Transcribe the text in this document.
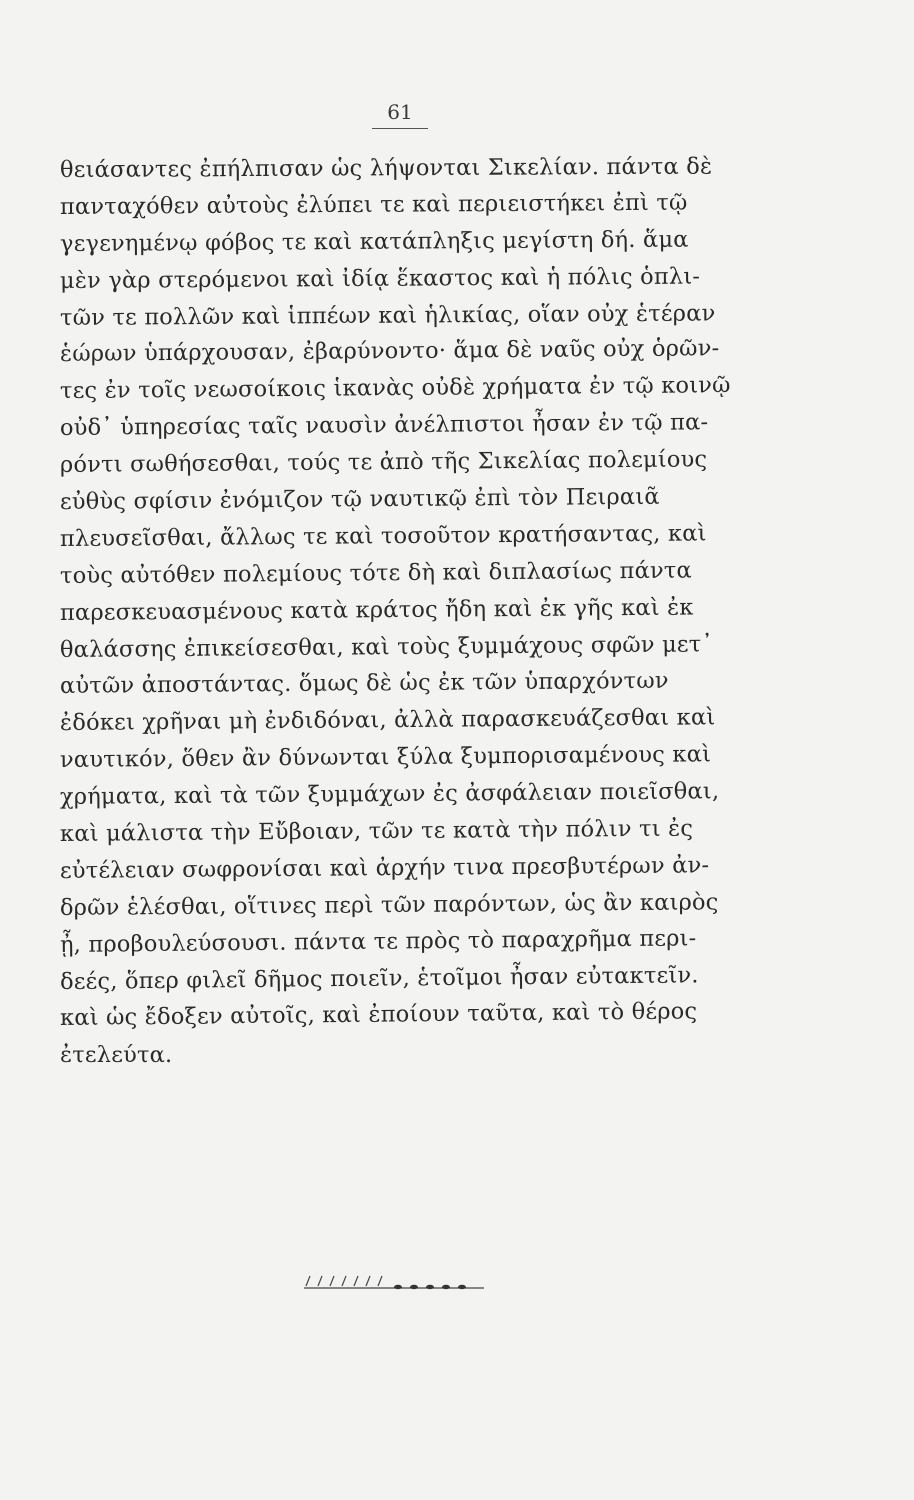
61
θειάσαντες ἐπήλπισαν ὡς λήψονται Σικελίαν. πάντα δὲ
πανταχόθεν αὐτοὺς ἐλύπει τε καὶ περιειστήκει ἐπὶ τῷ
γεγενημένῳ φόβος τε καὶ κατάπληξις μεγίστη δή. ἅμα
μὲν γὰρ στερόμενοι καὶ ἰδίᾳ ἕκαστος καὶ ἡ πόλις ὁπλι-
τῶν τε πολλῶν καὶ ἱππέων καὶ ἡλικίας, οἵαν οὐχ ἑτέραν
ἑώρων ὑπάρχουσαν, ἐβαρύνοντο· ἅμα δὲ ναῦς οὐχ ὁρῶν-
τες ἐν τοῖς νεωσοίκοις ἱκανὰς οὐδὲ χρήματα ἐν τῷ κοινῷ
οὐδ᾽ ὑπηρεσίας ταῖς ναυσὶν ἀνέλπιστοι ἦσαν ἐν τῷ πα-
ρόντι σωθήσεσθαι, τούς τε ἀπὸ τῆς Σικελίας πολεμίους
εὐθὺς σφίσιν ἐνόμιζον τῷ ναυτικῷ ἐπὶ τὸν Πειραιᾶ
πλευσεῖσθαι, ἄλλως τε καὶ τοσοῦτον κρατήσαντας, καὶ
τοὺς αὐτόθεν πολεμίους τότε δὴ καὶ διπλασίως πάντα
παρεσκευασμένους κατὰ κράτος ἤδη καὶ ἐκ γῆς καὶ ἐκ
θαλάσσης ἐπικείσεσθαι, καὶ τοὺς ξυμμάχους σφῶν μετ᾽
αὐτῶν ἀποστάντας. ὅμως δὲ ὡς ἐκ τῶν ὑπαρχόντων
ἐδόκει χρῆναι μὴ ἐνδιδόναι, ἀλλὰ παρασκευάζεσθαι καὶ
ναυτικόν, ὅθεν ἂν δύνωνται ξύλα ξυμπορισαμένους καὶ
χρήματα, καὶ τὰ τῶν ξυμμάχων ἐς ἀσφάλειαν ποιεῖσθαι,
καὶ μάλιστα τὴν Εὔβοιαν, τῶν τε κατὰ τὴν πόλιν τι ἐς
εὐτέλειαν σωφρονίσαι καὶ ἀρχήν τινα πρεσβυτέρων ἀν-
δρῶν ἑλέσθαι, οἵτινες περὶ τῶν παρόντων, ὡς ἂν καιρὸς
ᾖ, προβουλεύσουσι. πάντα τε πρὸς τὸ παραχρῆμα περι-
δεές, ὅπερ φιλεῖ δῆμος ποιεῖν, ἑτοῖμοι ἦσαν εὐτακτεῖν.
καὶ ὡς ἔδοξεν αὐτοῖς, καὶ ἐποίουν ταῦτα, καὶ τὸ θέρος
ἐτελεύτα.
